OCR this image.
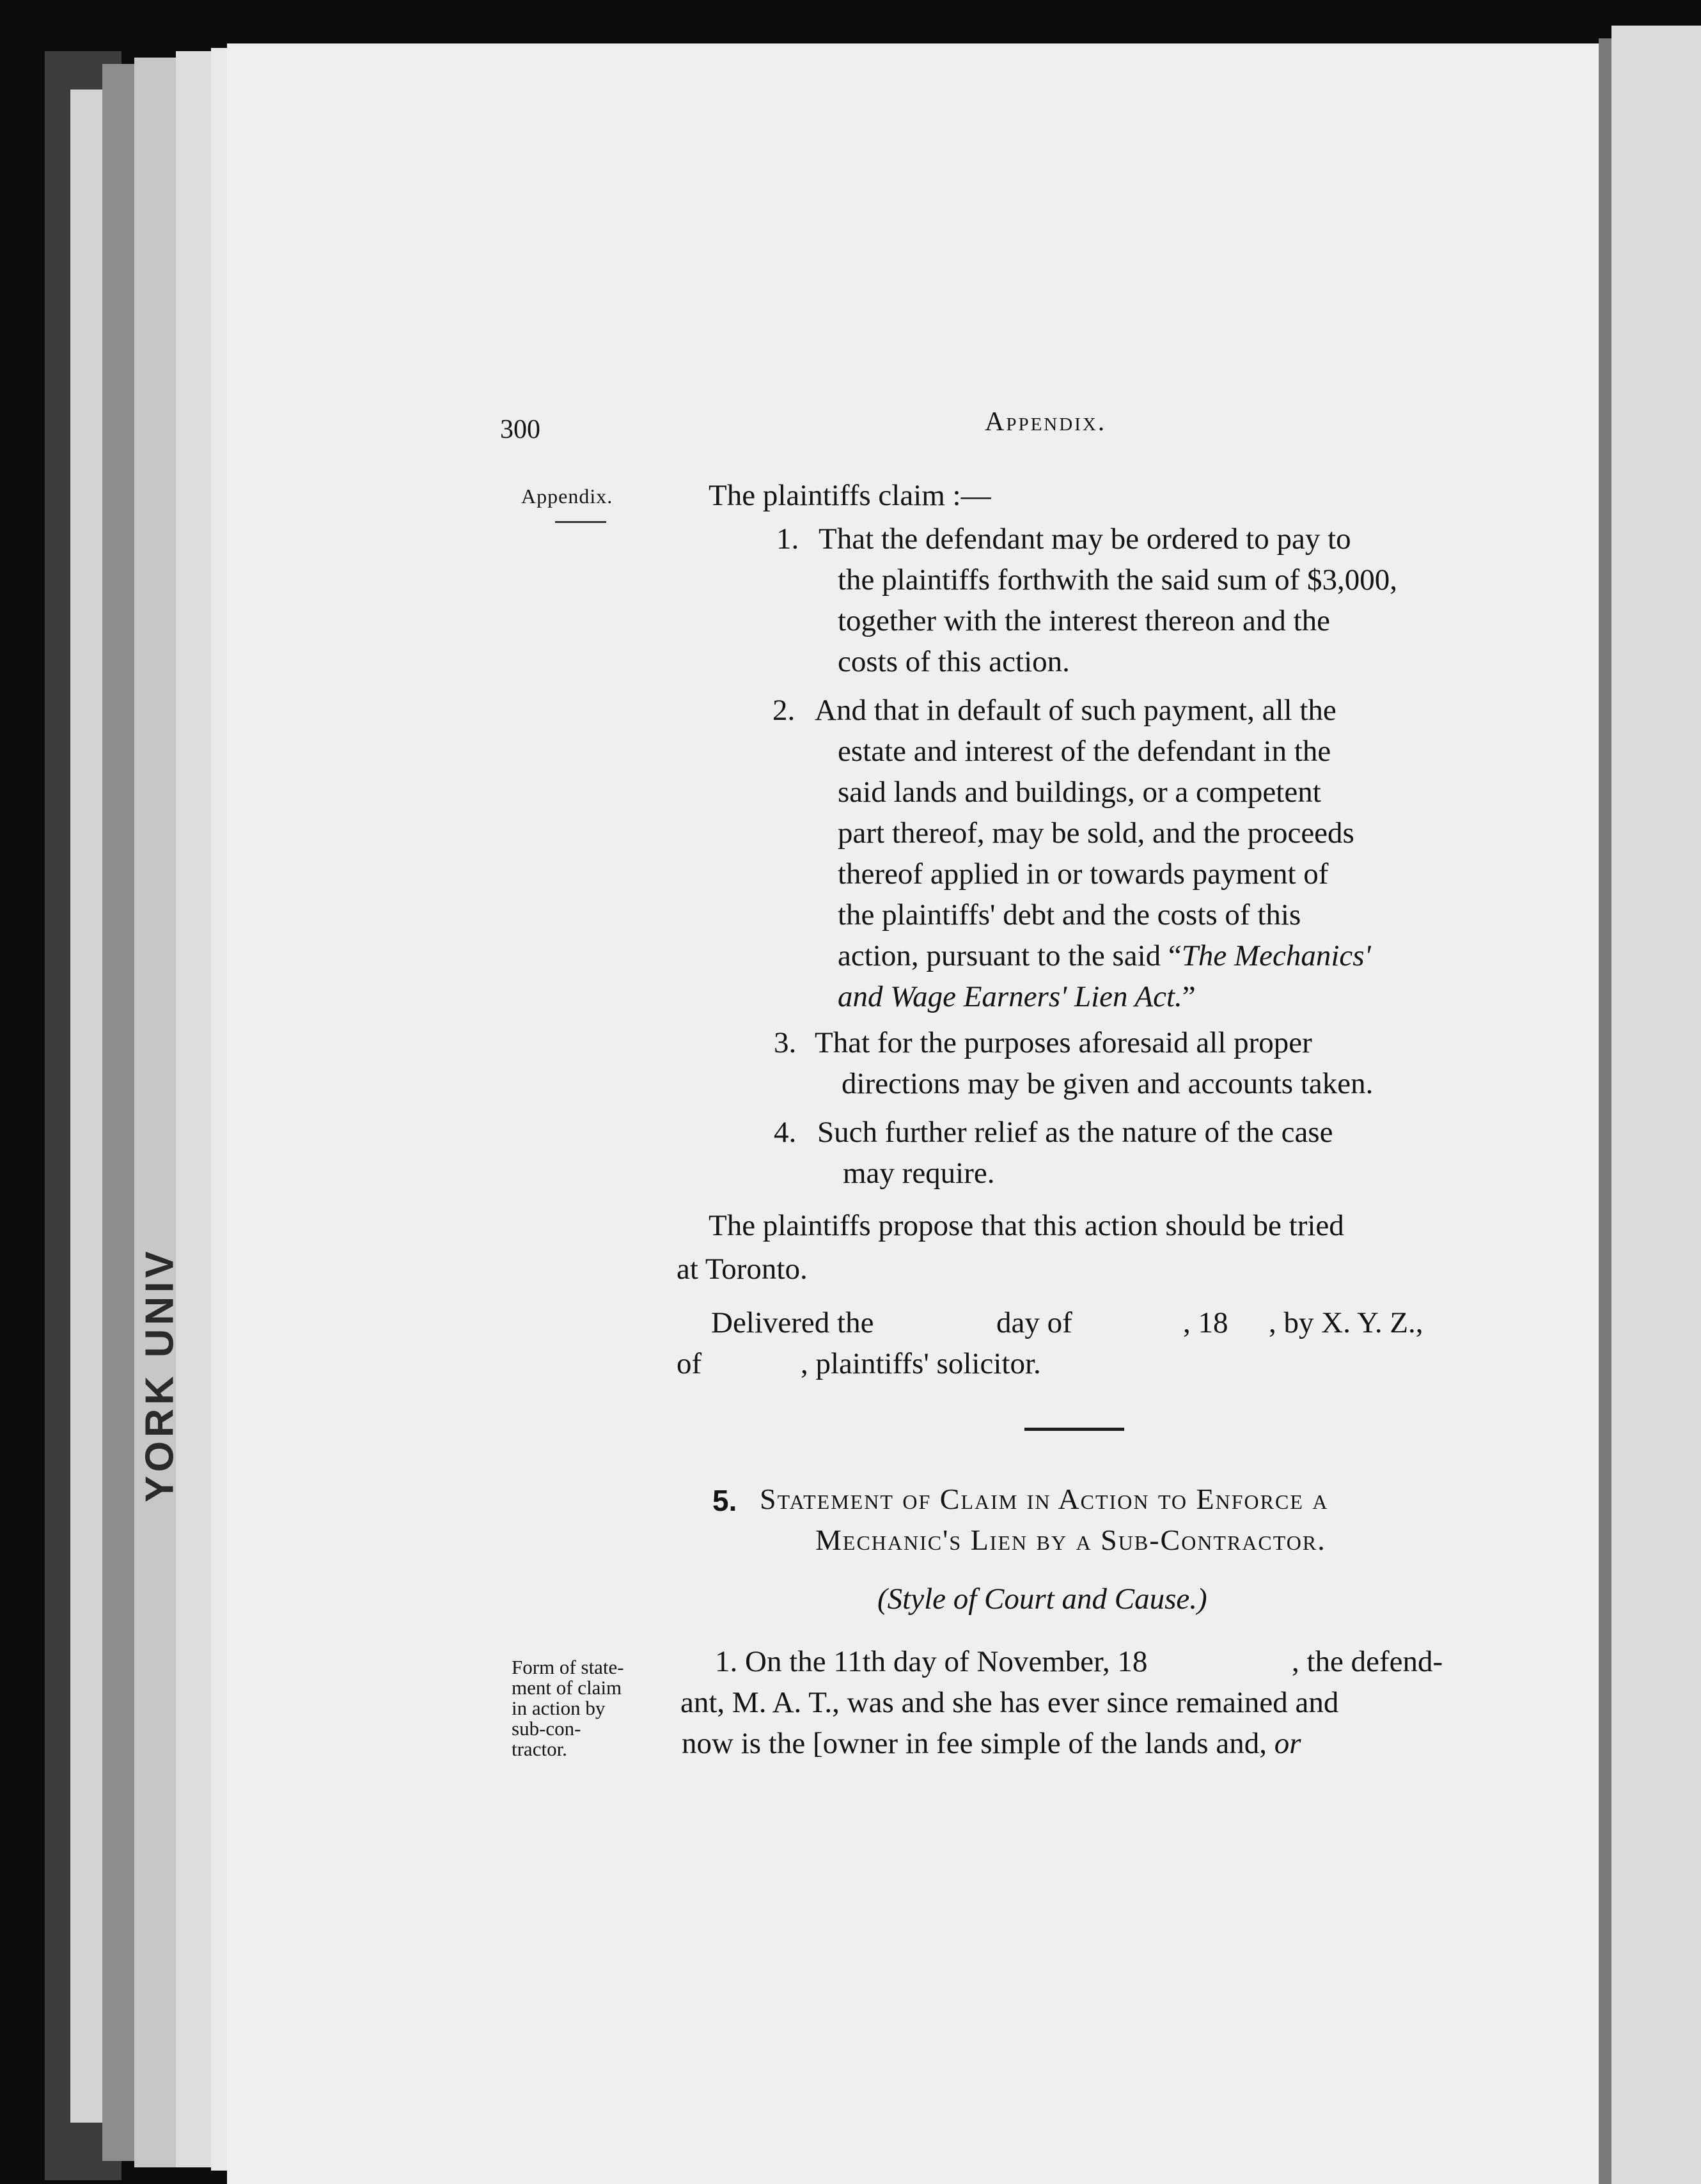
YORK UNIV

300	Appendix.

Appendix.	The plaintiffs claim :—

1. That the defendant may be ordered to pay to

the plaintiffs forthwith the said sum of $3,000,

together with the interest thereon and the

costs of this action.

2. And that in default of such payment, all the

estate and interest of the defendant in the

said lands and buildings, or a competent

part thereof, may be sold, and the proceeds

thereof applied in or towards payment of

the plaintiffs' debt and the costs of this

action, pursuant to the said “The Mechanics'

and Wage Earners' Lien Act.”

3. That for the purposes aforesaid all proper

directions may be given and accounts taken.

4. Such further relief as the nature of the case

may require.

The plaintiffs propose that this action should be tried

at Toronto.

Delivered the	day of	, 18 , by X. Y. Z.,

of	, plaintiffs' solicitor.

5. Statement of Claim in Action to Enforce a

Mechanic's Lien by a Sub-Contractor.

(Style of Court and Cause.)

Form of state-

ment of claim

in action by

sub-con-

tractor.

1. On the 11th day of November, 18	, the defend-

ant, M. A. T., was and she has ever since remained and

now is the [owner in fee simple of the lands and, or
